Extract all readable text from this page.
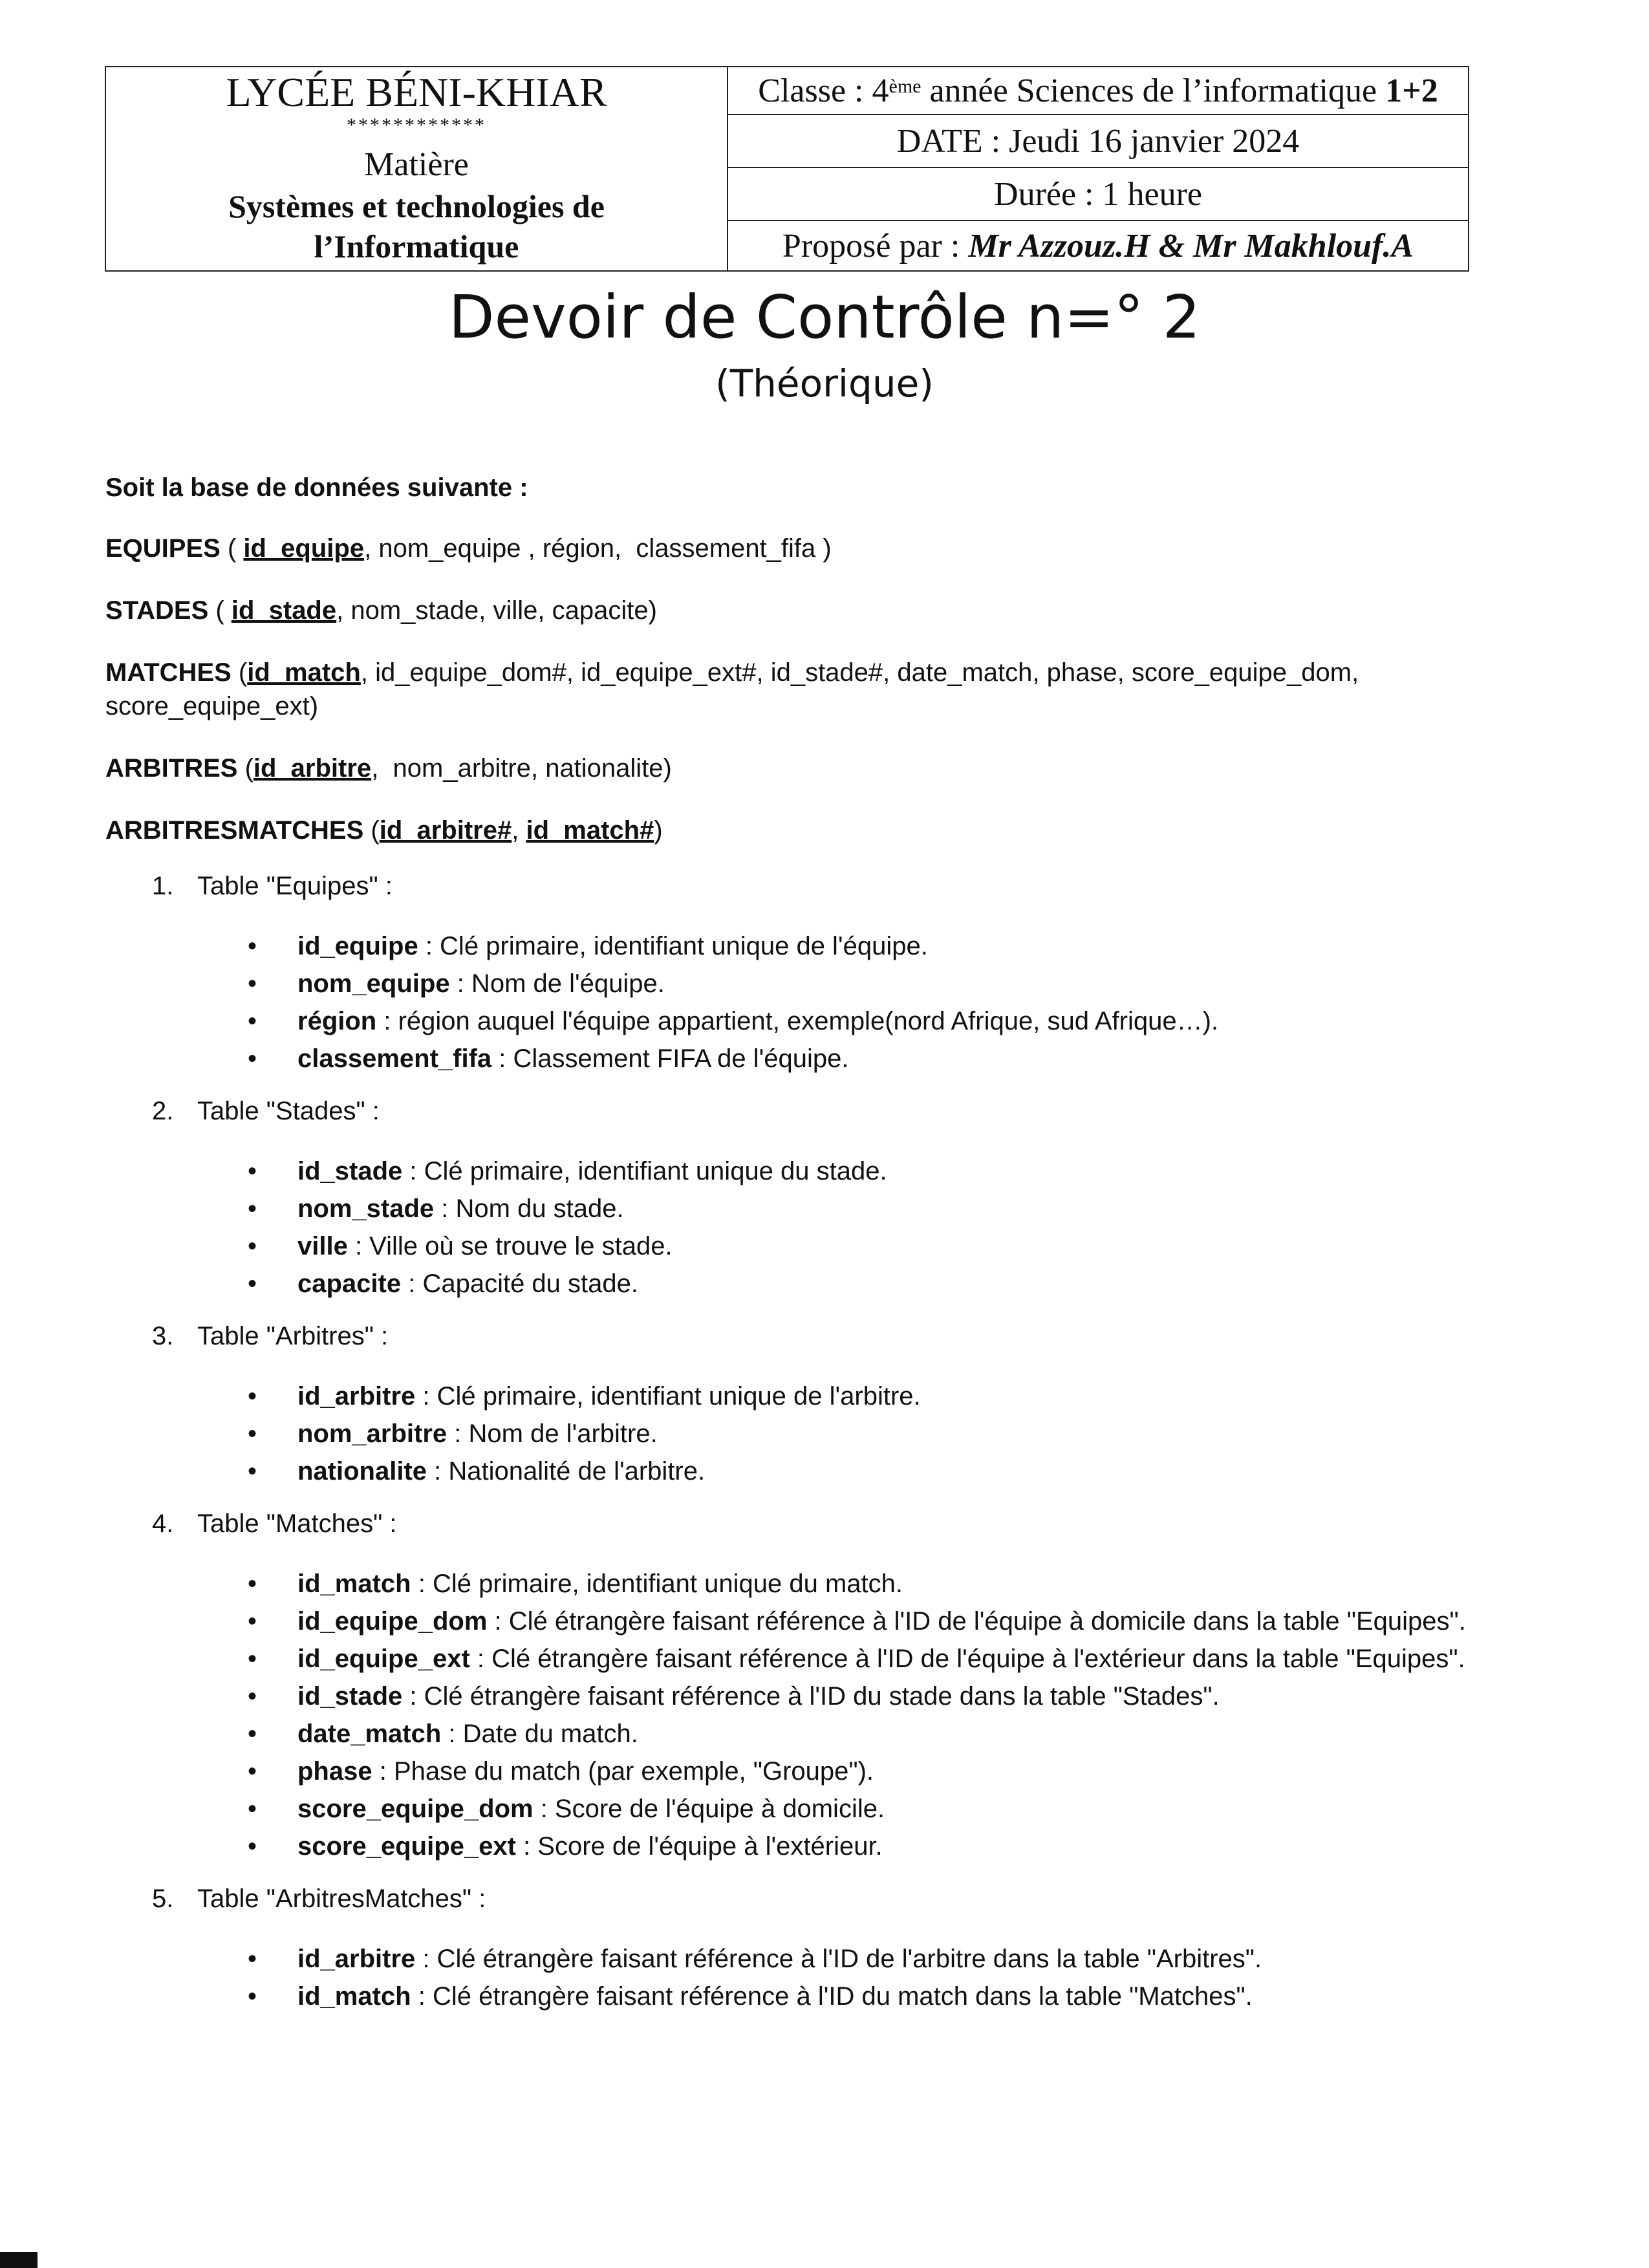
LYCÉE BÉNI-KHIAR
************
Matière
Systèmes et technologies de
l’Informatique
Classe : 4ème année Sciences de l’informatique 1+2
DATE : Jeudi 16 janvier 2024
Durée : 1 heure
Proposé par : Mr Azzouz.H & Mr Makhlouf.A
Devoir de Contrôle n=° 2
(Théorique)

Soit la base de données suivante :

EQUIPES ( id_equipe, nom_equipe , région,  classement_fifa )

STADES ( id_stade, nom_stade, ville, capacite)

MATCHES (id_match, id_equipe_dom#, id_equipe_ext#, id_stade#, date_match, phase, score_equipe_dom,
score_equipe_ext)

ARBITRES (id_arbitre,  nom_arbitre, nationalite)

ARBITRESMATCHES (id_arbitre#, id_match#)

1. Table "Equipes" :

• id_equipe : Clé primaire, identifiant unique de l'équipe.
• nom_equipe : Nom de l'équipe.
• région : région auquel l'équipe appartient, exemple(nord Afrique, sud Afrique…).
• classement_fifa : Classement FIFA de l'équipe.

2. Table "Stades" :

• id_stade : Clé primaire, identifiant unique du stade.
• nom_stade : Nom du stade.
• ville : Ville où se trouve le stade.
• capacite : Capacité du stade.

3. Table "Arbitres" :

• id_arbitre : Clé primaire, identifiant unique de l'arbitre.
• nom_arbitre : Nom de l'arbitre.
• nationalite : Nationalité de l'arbitre.

4. Table "Matches" :

• id_match : Clé primaire, identifiant unique du match.
• id_equipe_dom : Clé étrangère faisant référence à l'ID de l'équipe à domicile dans la table "Equipes".
• id_equipe_ext : Clé étrangère faisant référence à l'ID de l'équipe à l'extérieur dans la table "Equipes".
• id_stade : Clé étrangère faisant référence à l'ID du stade dans la table "Stades".
• date_match : Date du match.
• phase : Phase du match (par exemple, "Groupe").
• score_equipe_dom : Score de l'équipe à domicile.
• score_equipe_ext : Score de l'équipe à l'extérieur.

5. Table "ArbitresMatches" :

• id_arbitre : Clé étrangère faisant référence à l'ID de l'arbitre dans la table "Arbitres".
• id_match : Clé étrangère faisant référence à l'ID du match dans la table "Matches".
